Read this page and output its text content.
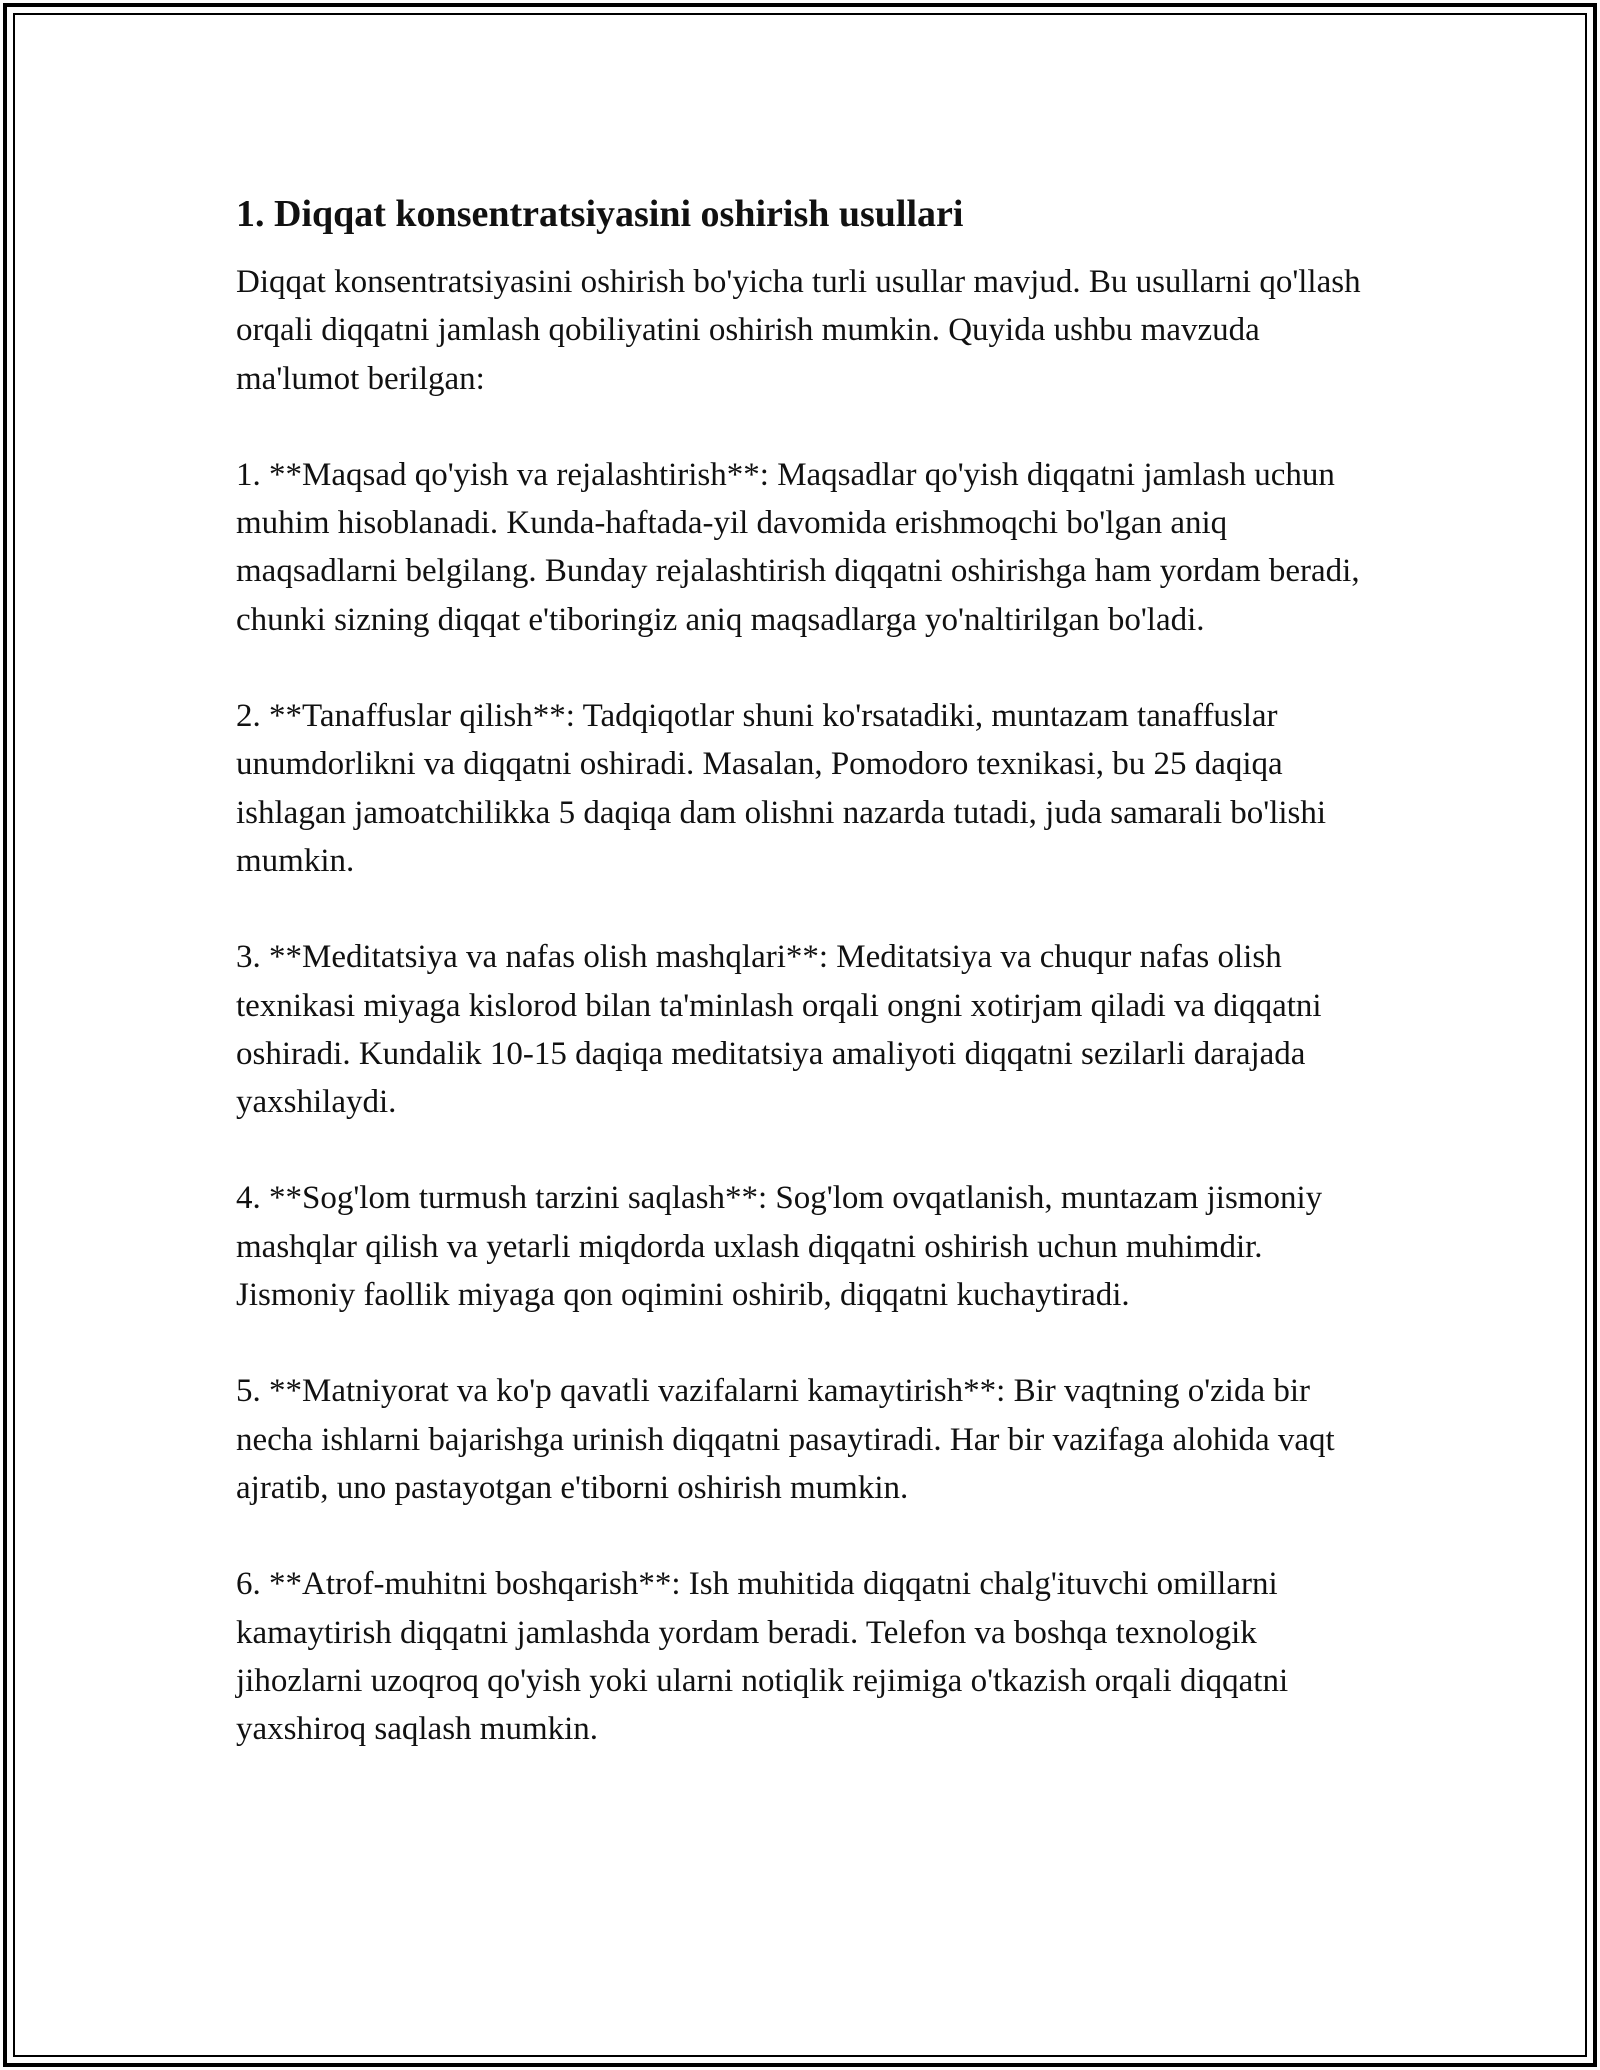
1. Diqqat konsentratsiyasini oshirish usullari

Diqqat konsentratsiyasini oshirish bo'yicha turli usullar mavjud. Bu usullarni qo'llash orqali diqqatni jamlash qobiliyatini oshirish mumkin. Quyida ushbu mavzuda ma'lumot berilgan:

1. **Maqsad qo'yish va rejalashtirish**: Maqsadlar qo'yish diqqatni jamlash uchun muhim hisoblanadi. Kunda-haftada-yil davomida erishmoqchi bo'lgan aniq maqsadlarni belgilang. Bunday rejalashtirish diqqatni oshirishga ham yordam beradi, chunki sizning diqqat e'tiboringiz aniq maqsadlarga yo'naltirilgan bo'ladi.

2. **Tanaffuslar qilish**: Tadqiqotlar shuni ko'rsatadiki, muntazam tanaffuslar unumdorlikni va diqqatni oshiradi. Masalan, Pomodoro texnikasi, bu 25 daqiqa ishlagan jamoatchilikka 5 daqiqa dam olishni nazarda tutadi, juda samarali bo'lishi mumkin.

3. **Meditatsiya va nafas olish mashqlari**: Meditatsiya va chuqur nafas olish texnikasi miyaga kislorod bilan ta'minlash orqali ongni xotirjam qiladi va diqqatni oshiradi. Kundalik 10-15 daqiqa meditatsiya amaliyoti diqqatni sezilarli darajada yaxshilaydi.

4. **Sog'lom turmush tarzini saqlash**: Sog'lom ovqatlanish, muntazam jismoniy mashqlar qilish va yetarli miqdorda uxlash diqqatni oshirish uchun muhimdir. Jismoniy faollik miyaga qon oqimini oshirib, diqqatni kuchaytiradi.

5. **Matniyorat va ko'p qavatli vazifalarni kamaytirish**: Bir vaqtning o'zida bir necha ishlarni bajarishga urinish diqqatni pasaytiradi. Har bir vazifaga alohida vaqt ajratib, uno pastayotgan e'tiborni oshirish mumkin.

6. **Atrof-muhitni boshqarish**: Ish muhitida diqqatni chalg'ituvchi omillarni kamaytirish diqqatni jamlashda yordam beradi. Telefon va boshqa texnologik jihozlarni uzoqroq qo'yish yoki ularni notiqlik rejimiga o'tkazish orqali diqqatni yaxshiroq saqlash mumkin.
